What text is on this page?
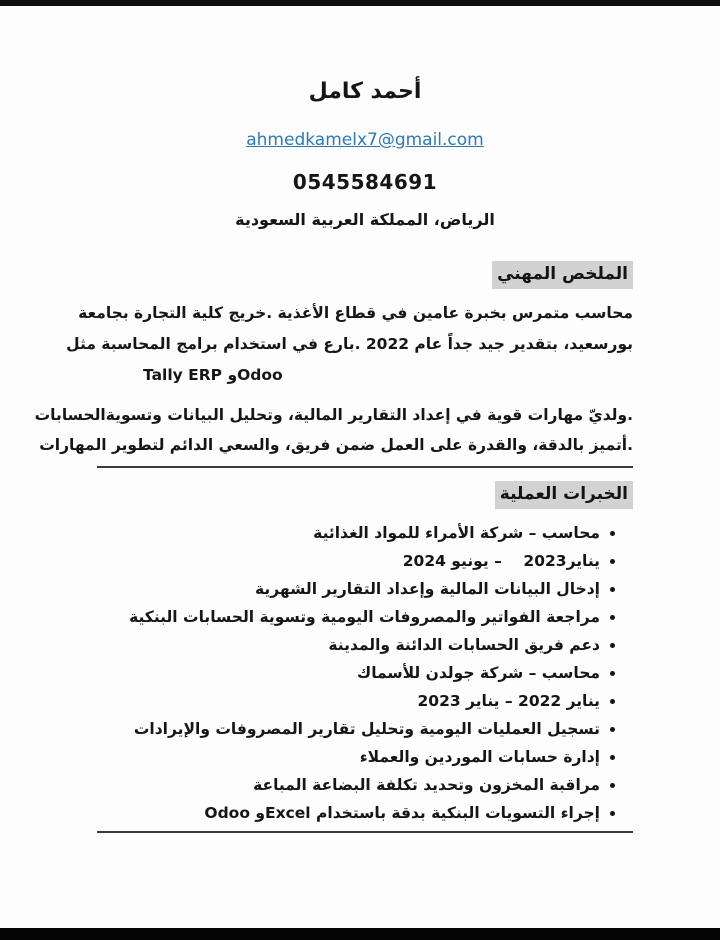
أحمد كامل
ahmedkamelx7@gmail.com
0545584691
الرياض، المملكة العربية السعودية
الملخص المهني
محاسب متمرس بخبرة عامين في قطاع الأغذية .خريج كلية التجارة بجامعة
بورسعيد، بتقدير جيد جداً عام 2022 .بارع في استخدام برامج المحاسبة مثل
Odooو Tally ERP
.ولديّ مهارات قوية في إعداد التقارير المالية، وتحليل البيانات وتسويةالحسابات
.أتميز بالدقة، والقدرة على العمل ضمن فريق، والسعي الدائم لتطوير المهارات
الخبرات العملية
محاسب – شركة الأمراء للمواد الغذائية
يناير2023    – يونيو 2024
إدخال البيانات المالية وإعداد التقارير الشهرية
مراجعة الفواتير والمصروفات اليومية وتسوية الحسابات البنكية
دعم فريق الحسابات الدائنة والمدينة
محاسب – شركة جولدن للأسماك
يناير 2022 – يناير 2023
تسجيل العمليات اليومية وتحليل تقارير المصروفات والإيرادات
إدارة حسابات الموردين والعملاء
مراقبة المخزون وتحديد تكلفة البضاعة المباعة
إجراء التسويات البنكية بدقة باستخدام Excelو Odoo
